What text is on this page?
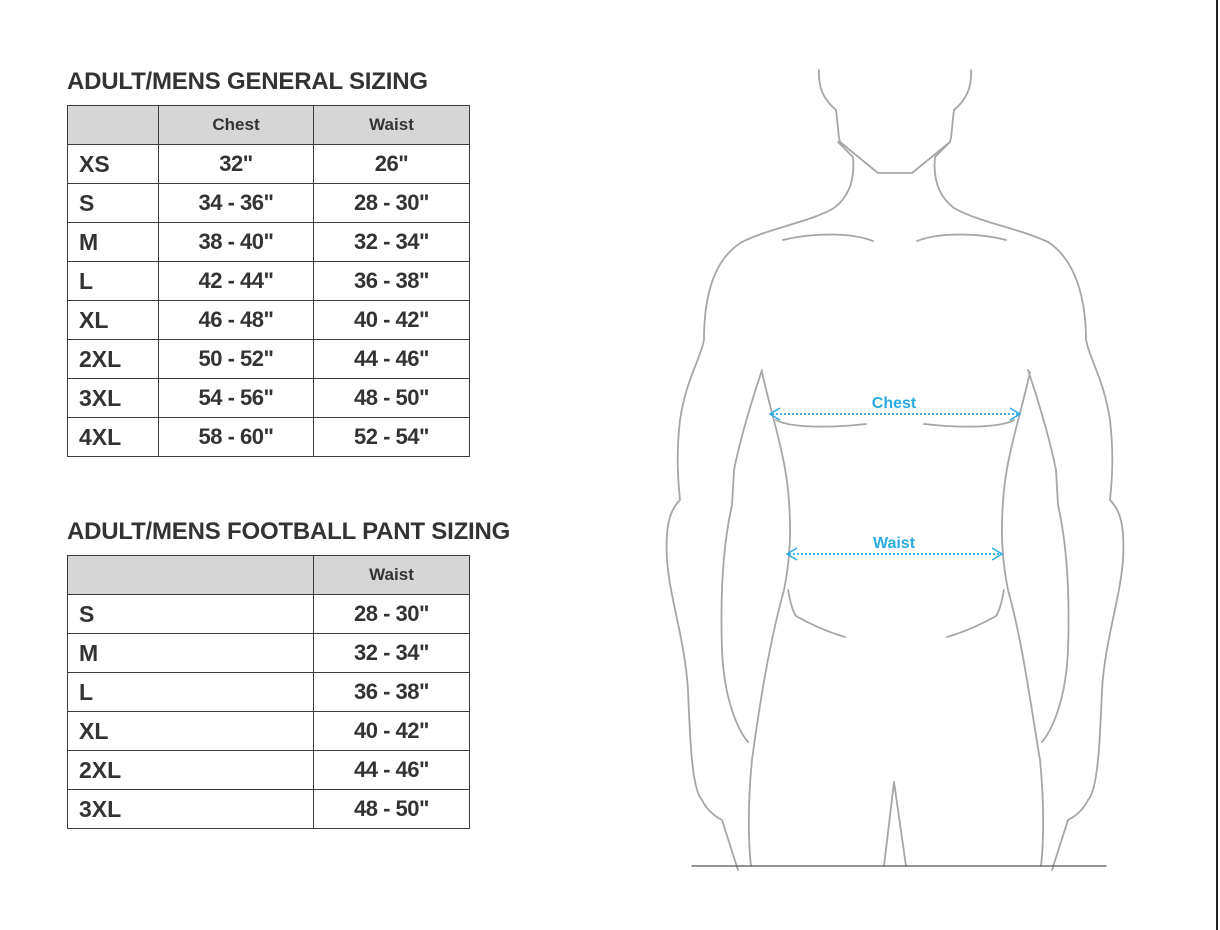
ADULT/MENS GENERAL SIZING
	Chest	Waist
XS	32"	26"
S	34 - 36"	28 - 30"
M	38 - 40"	32 - 34"
L	42 - 44"	36 - 38"
XL	46 - 48"	40 - 42"
2XL	50 - 52"	44 - 46"
3XL	54 - 56"	48 - 50"
4XL	58 - 60"	52 - 54"
ADULT/MENS FOOTBALL PANT SIZING
	Waist
S	28 - 30"
M	32 - 34"
L	36 - 38"
XL	40 - 42"
2XL	44 - 46"
3XL	48 - 50"
Chest
Waist
